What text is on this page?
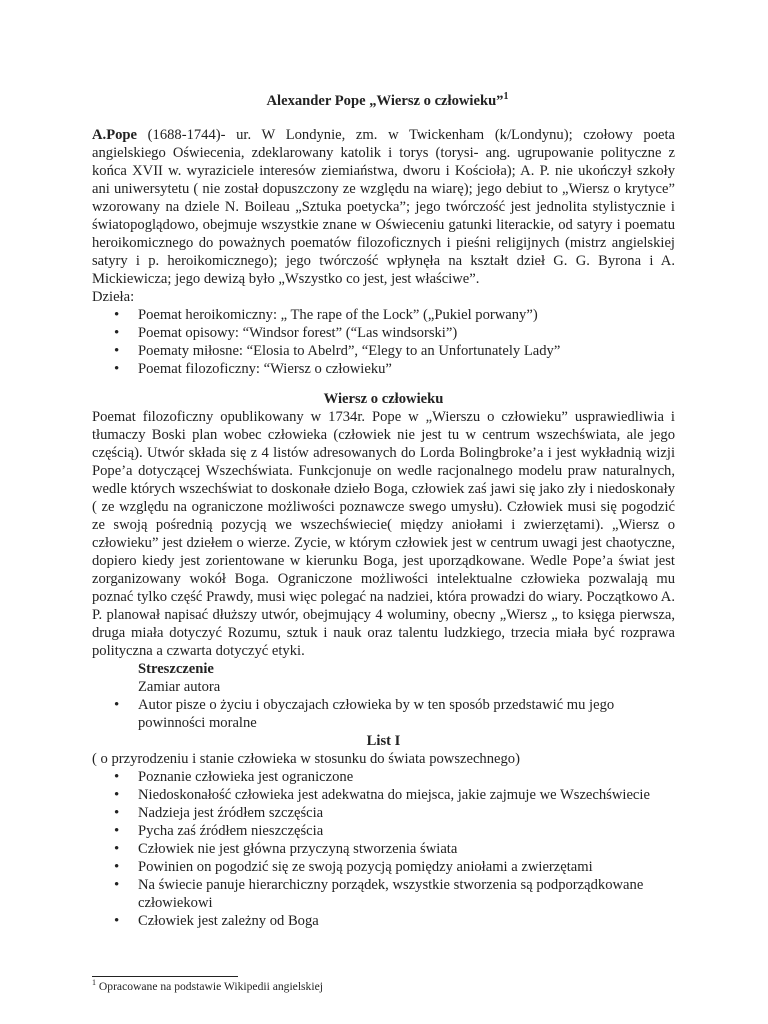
Alexander Pope „Wiersz o człowieku”$^1$

A.Pope (1688-1744)- ur. W Londynie, zm. w Twickenham (k/Londynu); czołowy poeta angielskiego Oświecenia, zdeklarowany katolik i torys (torysi- ang. ugrupowanie polityczne z końca XVII w. wyraziciele interesów ziemiaństwa, dworu i Kościoła); A. P. nie ukończył szkoły ani uniwersytetu ( nie został dopuszczony ze względu na wiarę); jego debiut to „Wiersz o krytyce” wzorowany na dziele N. Boileau „Sztuka poetycka”; jego twórczość jest jednolita stylistycznie i światopoglądowo, obejmuje wszystkie znane w Oświeceniu gatunki literackie, od satyry i poematu heroikomicznego do poważnych poematów filozoficznych i pieśni religijnych (mistrz angielskiej satyry i p. heroikomicznego); jego twórczość wpłynęła na kształt dzieł G. G. Byrona i A. Mickiewicza; jego dewizą było „Wszystko co jest, jest właściwe”.

Dzieła:

• Poemat heroikomiczny: „ The rape of the Lock” („Pukiel porwany”)
• Poemat opisowy: “Windsor forest” (“Las windsorski”)
• Poematy miłosne: “Elosia to Abelrd”, “Elegy to an Unfortunately Lady”
• Poemat filozoficzny: “Wiersz o człowieku”
Wiersz o człowieku

Poemat filozoficzny opublikowany w 1734r. Pope w „Wierszu o człowieku” usprawiedliwia i tłumaczy Boski plan wobec człowieka (człowiek nie jest tu w centrum wszechświata, ale jego częścią). Utwór składa się z 4 listów adresowanych do Lorda Bolingbroke’a i jest wykładnią wizji Pope’a dotyczącej Wszechświata. Funkcjonuje on wedle racjonalnego modelu praw naturalnych, wedle których wszechświat to doskonałe dzieło Boga, człowiek zaś jawi się jako zły i niedoskonały ( ze względu na ograniczone możliwości poznawcze swego umysłu). Człowiek musi się pogodzić ze swoją pośrednią pozycją we wszechświecie( między aniołami i zwierzętami). „Wiersz o człowieku” jest dziełem o wierze. Zycie, w którym człowiek jest w centrum uwagi jest chaotyczne, dopiero kiedy jest zorientowane w kierunku Boga, jest uporządkowane. Wedle Pope’a świat jest zorganizowany wokół Boga. Ograniczone możliwości intelektualne człowieka pozwalają mu poznać tylko część Prawdy, musi więc polegać na nadziei, która prowadzi do wiary. Początkowo A. P. planował napisać dłuższy utwór, obejmujący 4 woluminy, obecny „Wiersz „ to księga pierwsza, druga miała dotyczyć Rozumu, sztuk i nauk oraz talentu ludzkiego, trzecia miała być rozprawa polityczna a czwarta dotyczyć etyki.

Streszczenie
Zamiar autora
• Autor pisze o życiu i obyczajach człowieka by w ten sposób przedstawić mu jego powinności moralne
List I

( o przyrodzeniu i stanie człowieka w stosunku do świata powszechnego)

• Poznanie człowieka jest ograniczone
• Niedoskonałość człowieka jest adekwatna do miejsca, jakie zajmuje we Wszechświecie
• Nadzieja jest źródłem szczęścia
• Pycha zaś źródłem nieszczęścia
• Człowiek nie jest główna przyczyną stworzenia świata
• Powinien on pogodzić się ze swoją pozycją pomiędzy aniołami a zwierzętami
• Na świecie panuje hierarchiczny porządek, wszystkie stworzenia są podporządkowane człowiekowi
• Człowiek jest zależny od Boga
$^1$ Opracowane na podstawie Wikipedii angielskiej
